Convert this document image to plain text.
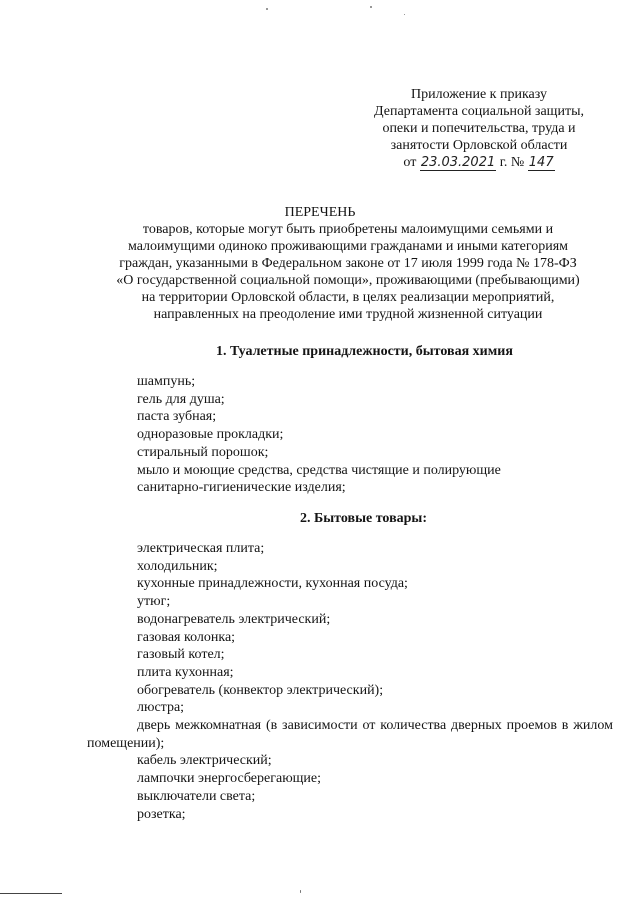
Приложение к приказу
Департамента социальной защиты,
опеки и попечительства, труда и
занятости Орловской области
от 23.03.2021 г. № 147
ПЕРЕЧЕНЬ
товаров, которые могут быть приобретены малоимущими семьями и
малоимущими одиноко проживающими гражданами и иными категориям
граждан, указанными в Федеральном законе от 17 июля 1999 года № 178-ФЗ
«О государственной социальной помощи», проживающими (пребывающими)
на территории Орловской области, в целях реализации мероприятий,
направленных на преодоление ими трудной жизненной ситуации
1. Туалетные принадлежности, бытовая химия
шампунь;
гель для душа;
паста зубная;
одноразовые прокладки;
стиральный порошок;
мыло и моющие средства, средства чистящие и полирующие
санитарно-гигиенические изделия;
2. Бытовые товары:
электрическая плита;
холодильник;
кухонные принадлежности, кухонная посуда;
утюг;
водонагреватель электрический;
газовая колонка;
газовый котел;
плита кухонная;
обогреватель (конвектор электрический);
люстра;
дверь межкомнатная (в зависимости от количества дверных проемов в жилом помещении);
кабель электрический;
лампочки энергосберегающие;
выключатели света;
розетка;
